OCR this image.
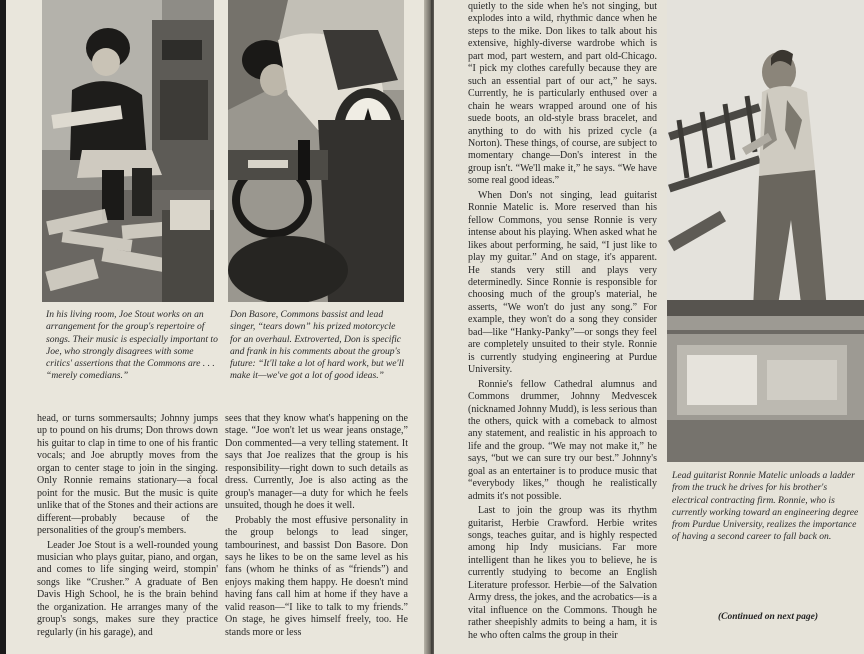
In his living room, Joe Stout works on an arrangement for the group's repertoire of songs. Their music is especially important to Joe, who strongly disagrees with some critics' assertions that the Commons are . . . “merely comedians.”
Don Basore, Commons bassist and lead singer, “tears down” his prized motorcycle for an overhaul. Extroverted, Don is specific and frank in his comments about the group's future: “It'll take a lot of hard work, but we'll make it—we've got a lot of good ideas.”

head, or turns sommersaults; Johnny jumps up to pound on his drums; Don throws down his guitar to clap in time to one of his frantic vocals; and Joe abruptly moves from the organ to center stage to join in the singing. Only Ronnie remains stationary—a focal point for the music. But the music is quite unlike that of the Stones and their actions are different—probably because of the personalities of the group's members.

Leader Joe Stout is a well-rounded young musician who plays guitar, piano, and organ, and comes to life singing weird, stompin' songs like “Crusher.” A graduate of Ben Davis High School, he is the brain behind the organization. He arranges many of the group's songs, makes sure they practice regularly (in his garage), and

sees that they know what's happening on the stage. “Joe won't let us wear jeans onstage,” Don commented—a very telling statement. It says that Joe realizes that the group is his responsibility—right down to such details as dress. Currently, Joe is also acting as the group's manager—a duty for which he feels unsuited, though he does it well.

Probably the most effusive personality in the group belongs to lead singer, tambourinest, and bassist Don Basore. Don says he likes to be on the same level as his fans (whom he thinks of as “friends”) and enjoys making them happy. He doesn't mind having fans call him at home if they have a valid reason—“I like to talk to my friends.” On stage, he gives himself freely, too. He stands more or less

quietly to the side when he's not singing, but explodes into a wild, rhythmic dance when he steps to the mike. Don likes to talk about his extensive, highly-diverse wardrobe which is part mod, part western, and part old-Chicago. “I pick my clothes carefully because they are such an essential part of our act,” he says. Currently, he is particularly enthused over a chain he wears wrapped around one of his suede boots, an old-style brass bracelet, and anything to do with his prized cycle (a Norton). These things, of course, are subject to momentary change—Don's interest in the group isn't. “We'll make it,” he says. “We have some real good ideas.”

When Don's not singing, lead guitarist Ronnie Matelic is. More reserved than his fellow Commons, you sense Ronnie is very intense about his playing. When asked what he likes about performing, he said, “I just like to play my guitar.” And on stage, it's apparent. He stands very still and plays very determinedly. Since Ronnie is responsible for choosing much of the group's material, he asserts, “We won't do just any song.” For example, they won't do a song they consider bad—like “Hanky-Panky”—or songs they feel are completely unsuited to their style. Ronnie is currently studying engineering at Purdue University.

Ronnie's fellow Cathedral alumnus and Commons drummer, Johnny Medvescek (nicknamed Johnny Mudd), is less serious than the others, quick with a comeback to almost any statement, and realistic in his approach to life and the group. “We may not make it,” he says, “but we can sure try our best.” Johnny's goal as an entertainer is to produce music that “everybody likes,” though he realistically admits it's not possible.

Last to join the group was its rhythm guitarist, Herbie Crawford. Herbie writes songs, teaches guitar, and is highly respected among hip Indy musicians. Far more intelligent than he likes you to believe, he is currently studying to become an English Literature professor. Herbie—of the Salvation Army dress, the jokes, and the acrobatics—is a vital influence on the Commons. Though he rather sheepishly admits to being a ham, it is he who often calms the group in their

Lead guitarist Ronnie Matelic unloads a ladder from the truck he drives for his brother's electrical contracting firm. Ronnie, who is currently working toward an engineering degree from Purdue University, realizes the importance of having a second career to fall back on.
(Continued on next page)
